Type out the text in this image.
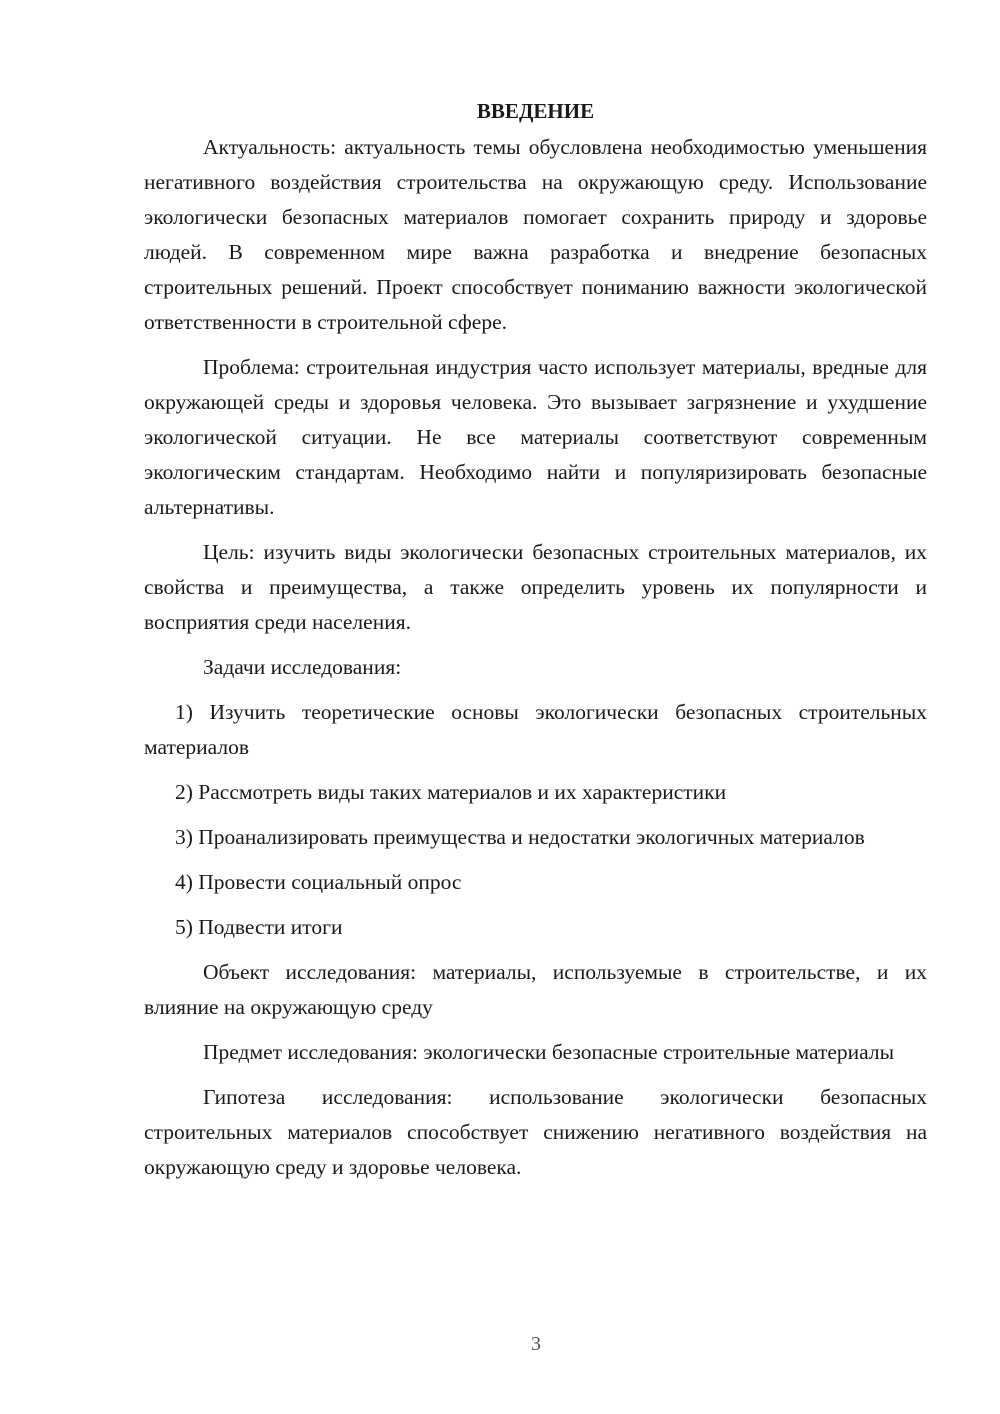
ВВЕДЕНИЕ

Актуальность: актуальность темы обусловлена необходимостью уменьшения негативного воздействия строительства на окружающую среду. Использование экологически безопасных материалов помогает сохранить природу и здоровье людей. В современном мире важна разработка и внедрение безопасных строительных решений. Проект способствует пониманию важности экологической ответственности в строительной сфере.

Проблема: строительная индустрия часто использует материалы, вредные для окружающей среды и здоровья человека. Это вызывает загрязнение и ухудшение экологической ситуации. Не все материалы соответствуют современным экологическим стандартам. Необходимо найти и популяризировать безопасные альтернативы.

Цель: изучить виды экологически безопасных строительных материалов, их свойства и преимущества, а также определить уровень их популярности и восприятия среди населения.

Задачи исследования:

1) Изучить теоретические основы экологически безопасных строительных материалов

2) Рассмотреть виды таких материалов и их характеристики

3) Проанализировать преимущества и недостатки экологичных материалов

4) Провести социальный опрос

5) Подвести итоги

Объект исследования: материалы, используемые в строительстве, и их влияние на окружающую среду

Предмет исследования: экологически безопасные строительные материалы

Гипотеза исследования: использование экологически безопасных строительных материалов способствует снижению негативного воздействия на окружающую среду и здоровье человека.

3
